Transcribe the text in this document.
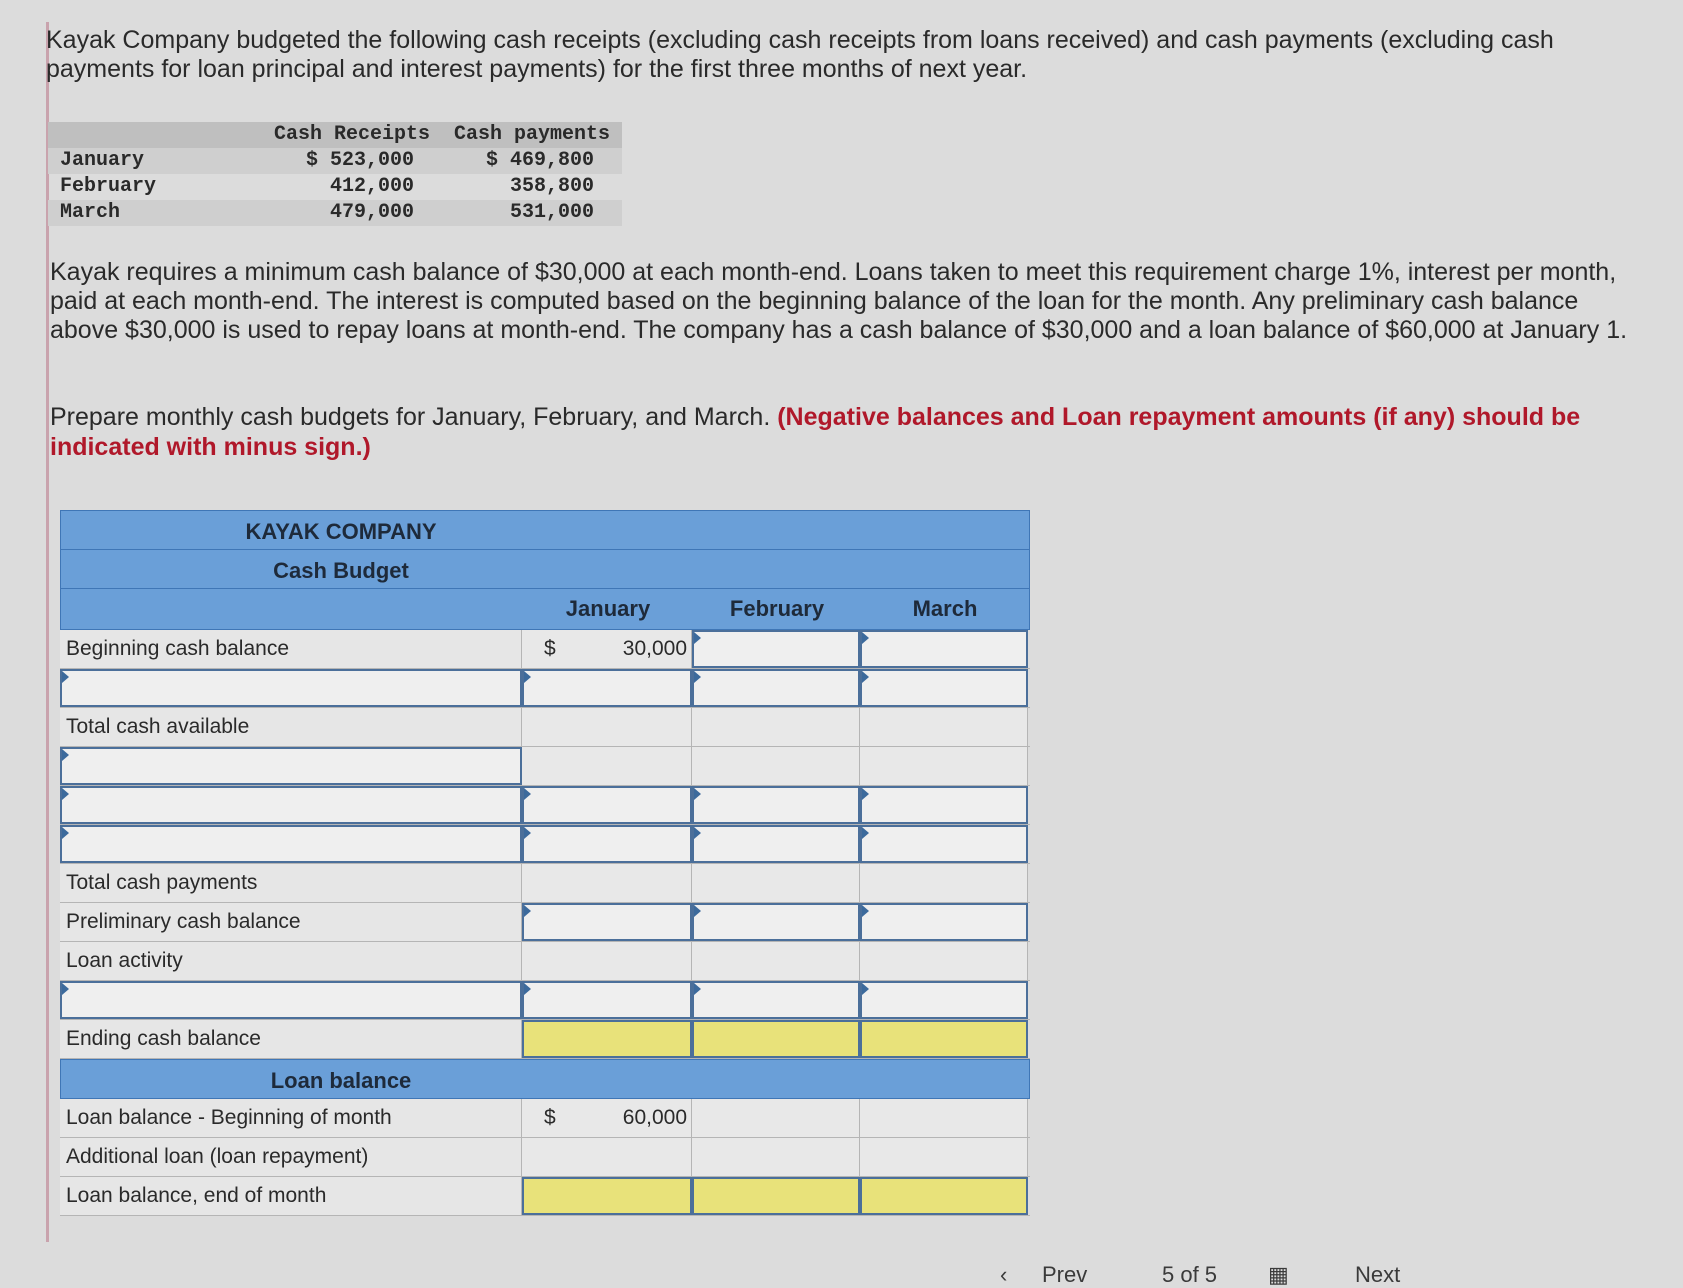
Kayak Company budgeted the following cash receipts (excluding cash receipts from loans received) and cash payments (excluding cash payments for loan principal and interest payments) for the first three months of next year.

	Cash Receipts	Cash payments
January	$ 523,000	$ 469,800
February	412,000	358,800
March	479,000	531,000

Kayak requires a minimum cash balance of $30,000 at each month-end. Loans taken to meet this requirement charge 1%, interest per month, paid at each month-end. The interest is computed based on the beginning balance of the loan for the month. Any preliminary cash balance above $30,000 is used to repay loans at month-end. The company has a cash balance of $30,000 and a loan balance of $60,000 at January 1.

Prepare monthly cash budgets for January, February, and March. (Negative balances and Loan repayment amounts (if any) should be indicated with minus sign.)
KAYAK COMPANY
Cash Budget
January	February	March
Beginning cash balance	$	30,000
Total cash available
Total cash payments
Preliminary cash balance
Loan activity
Ending cash balance
Loan balance
Loan balance - Beginning of month	$	60,000
Additional loan (loan repayment)
Loan balance, end of month
‹ Prev	5 of 5 ▦	Next
